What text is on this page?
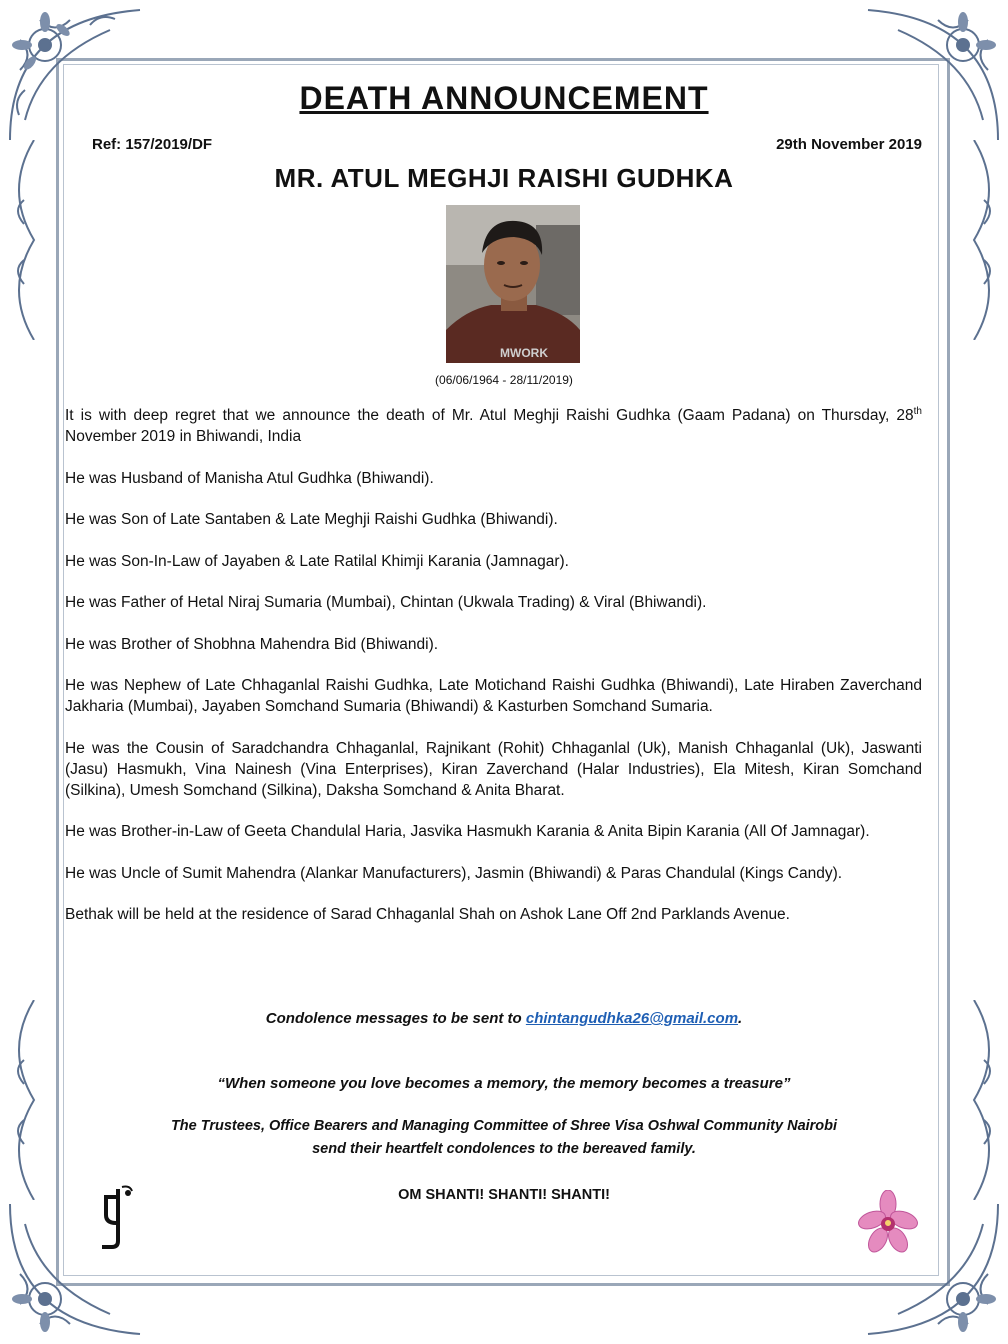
DEATH ANNOUNCEMENT
Ref: 157/2019/DF	29th November 2019
MR. ATUL MEGHJI RAISHI GUDHKA
MWORK
(06/06/1964 - 28/11/2019)

It is with deep regret that we announce the death of Mr. Atul Meghji Raishi Gudhka (Gaam Padana) on Thursday, 28th November 2019 in Bhiwandi, India

He was Husband of Manisha Atul Gudhka (Bhiwandi).

He was Son of Late Santaben & Late Meghji Raishi Gudhka (Bhiwandi).

He was Son-In-Law of Jayaben & Late Ratilal Khimji Karania (Jamnagar).

He was Father of Hetal Niraj Sumaria (Mumbai), Chintan (Ukwala Trading) & Viral (Bhiwandi).

He was Brother of Shobhna Mahendra Bid (Bhiwandi).

He was Nephew of Late Chhaganlal Raishi Gudhka, Late Motichand Raishi Gudhka (Bhiwandi), Late Hiraben Zaverchand Jakharia (Mumbai), Jayaben Somchand Sumaria (Bhiwandi) & Kasturben Somchand Sumaria.

He was the Cousin of Saradchandra Chhaganlal, Rajnikant (Rohit) Chhaganlal (Uk), Manish Chhaganlal (Uk), Jaswanti (Jasu) Hasmukh, Vina Nainesh (Vina Enterprises), Kiran Zaverchand (Halar Industries), Ela Mitesh, Kiran Somchand (Silkina), Umesh Somchand (Silkina), Daksha Somchand & Anita Bharat.

He was Brother-in-Law of Geeta Chandulal Haria, Jasvika Hasmukh Karania & Anita Bipin Karania (All Of Jamnagar).

He was Uncle of Sumit Mahendra (Alankar Manufacturers), Jasmin (Bhiwandi) & Paras Chandulal (Kings Candy).

Bethak will be held at the residence of Sarad Chhaganlal Shah on Ashok Lane Off 2nd Parklands Avenue.

Condolence messages to be sent to chintangudhka26@gmail.com.
“When someone you love becomes a memory, the memory becomes a treasure”
The Trustees, Office Bearers and Managing Committee of Shree Visa Oshwal Community Nairobi
send their heartfelt condolences to the bereaved family.
OM SHANTI! SHANTI! SHANTI!
